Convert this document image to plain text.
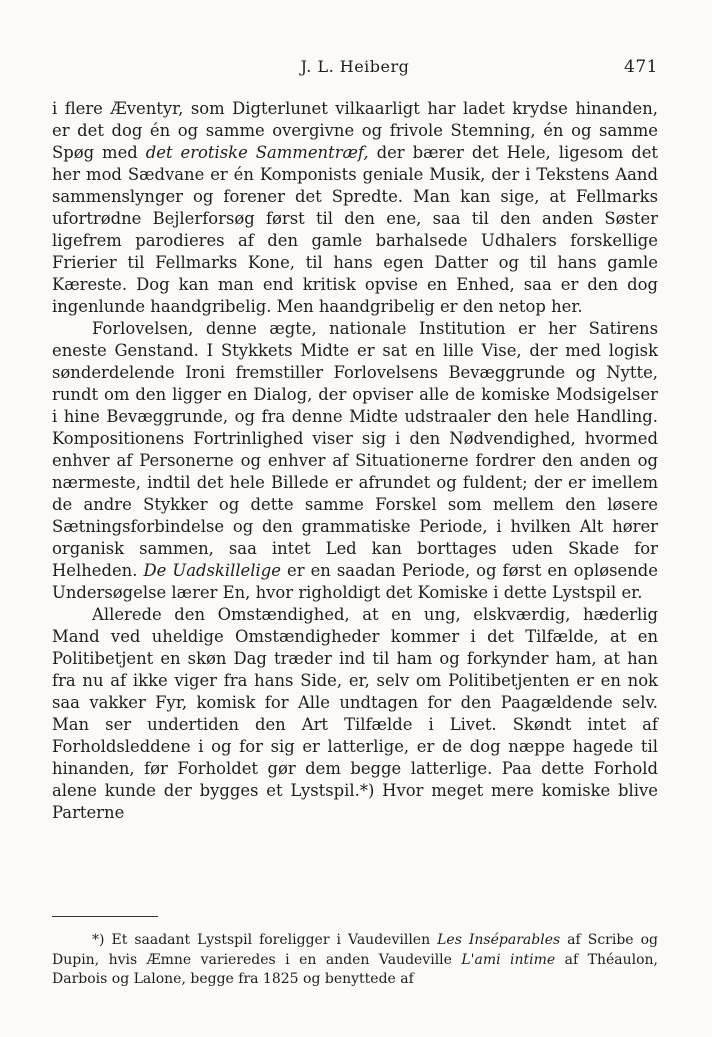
J. L. Heiberg	471

i flere Æventyr, som Digterlunet vilkaarligt har ladet krydse hinanden, er det dog én og samme overgivne og frivole Stemning, én og samme Spøg med det erotiske Sammentræf, der bærer det Hele, ligesom det her mod Sædvane er én Komponists geniale Musik, der i Tekstens Aand sammenslynger og forener det Spredte. Man kan sige, at Fellmarks ufortrødne Bejlerforsøg først til den ene, saa til den anden Søster ligefrem parodieres af den gamle barhalsede Udhalers forskellige Frierier til Fellmarks Kone, til hans egen Datter og til hans gamle Kæreste. Dog kan man end kritisk opvise en Enhed, saa er den dog ingenlunde haandgribelig. Men haandgribelig er den netop her.

Forlovelsen, denne ægte, nationale Institution er her Satirens eneste Genstand. I Stykkets Midte er sat en lille Vise, der med logisk sønderdelende Ironi fremstiller Forlovelsens Bevæggrunde og Nytte, rundt om den ligger en Dialog, der opviser alle de komiske Modsigelser i hine Bevæggrunde, og fra denne Midte udstraaler den hele Handling. Kompositionens Fortrinlighed viser sig i den Nødvendighed, hvormed enhver af Personerne og enhver af Situationerne fordrer den anden og nærmeste, indtil det hele Billede er afrundet og fuldent; der er imellem de andre Stykker og dette samme Forskel som mellem den løsere Sætningsforbindelse og den grammatiske Periode, i hvilken Alt hører organisk sammen, saa intet Led kan borttages uden Skade for Helheden. De Uadskillelige er en saadan Periode, og først en opløsende Undersøgelse lærer En, hvor righoldigt det Komiske i dette Lystspil er.

Allerede den Omstændighed, at en ung, elskværdig, hæderlig Mand ved uheldige Omstændigheder kommer i det Tilfælde, at en Politibetjent en skøn Dag træder ind til ham og forkynder ham, at han fra nu af ikke viger fra hans Side, er, selv om Politibetjenten er en nok saa vakker Fyr, komisk for Alle undtagen for den Paagældende selv. Man ser undertiden den Art Tilfælde i Livet. Skøndt intet af Forholdsleddene i og for sig er latterlige, er de dog næppe hagede til hinanden, før Forholdet gør dem begge latterlige. Paa dette Forhold alene kunde der bygges et Lystspil.*) Hvor meget mere komiske blive Parterne

*) Et saadant Lystspil foreligger i Vaudevillen Les Inséparables af Scribe og Dupin, hvis Æmne varieredes i en anden Vaudeville L'ami intime af Théaulon, Darbois og Lalone, begge fra 1825 og benyttede af
